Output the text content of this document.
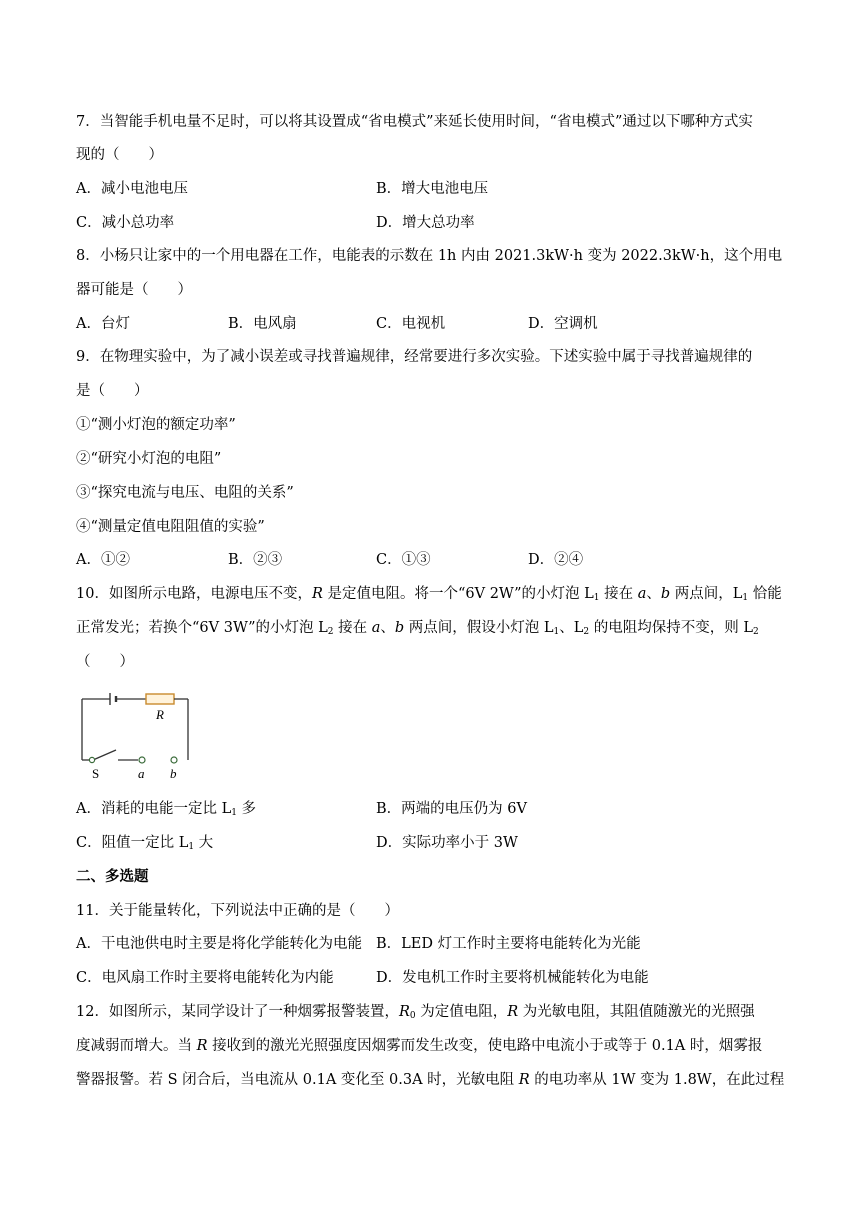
7．当智能手机电量不足时，可以将其设置成“省电模式”来延长使用时间，“省电模式”通过以下哪种方式实
现的（　　）
A．减小电池电压	B．增大电池电压
C．减小总功率	D．增大总功率
8．小杨只让家中的一个用电器在工作，电能表的示数在 1h 内由 2021.3kW·h 变为 2022.3kW·h，这个用电
器可能是（　　）
A．台灯	B．电风扇	C．电视机	D．空调机
9．在物理实验中，为了减小误差或寻找普遍规律，经常要进行多次实验。下述实验中属于寻找普遍规律的
是（　　）
①“测小灯泡的额定功率”
②“研究小灯泡的电阻”
③“探究电流与电压、电阻的关系”
④“测量定值电阻阻值的实验”
A．①②	B．②③	C．①③	D．②④
10．如图所示电路，电源电压不变，R 是定值电阻。将一个“6V 2W”的小灯泡 $L_1$ 接在 a、b 两点间，$L_1$ 恰能
正常发光；若换个“6V 3W”的小灯泡 $L_2$ 接在 a、b 两点间，假设小灯泡 $L_1$、$L_2$ 的电阻均保持不变，则 $L_2$
（　　）
R
S	a b
A．消耗的电能一定比 $L_1$ 多	B．两端的电压仍为 6V
C．阻值一定比 $L_1$ 大	D．实际功率小于 3W
二、多选题
11．关于能量转化，下列说法中正确的是（　　）
A．干电池供电时主要是将化学能转化为电能 B．LED 灯工作时主要将电能转化为光能
C．电风扇工作时主要将电能转化为内能	D．发电机工作时主要将机械能转化为电能
12．如图所示，某同学设计了一种烟雾报警装置，$R_0$ 为定值电阻，R 为光敏电阻，其阻值随激光的光照强
度减弱而增大。当 R 接收到的激光光照强度因烟雾而发生改变，使电路中电流小于或等于 0.1A 时，烟雾报
警器报警。若 S 闭合后，当电流从 0.1A 变化至 0.3A 时，光敏电阻 R 的电功率从 1W 变为 1.8W，在此过程
